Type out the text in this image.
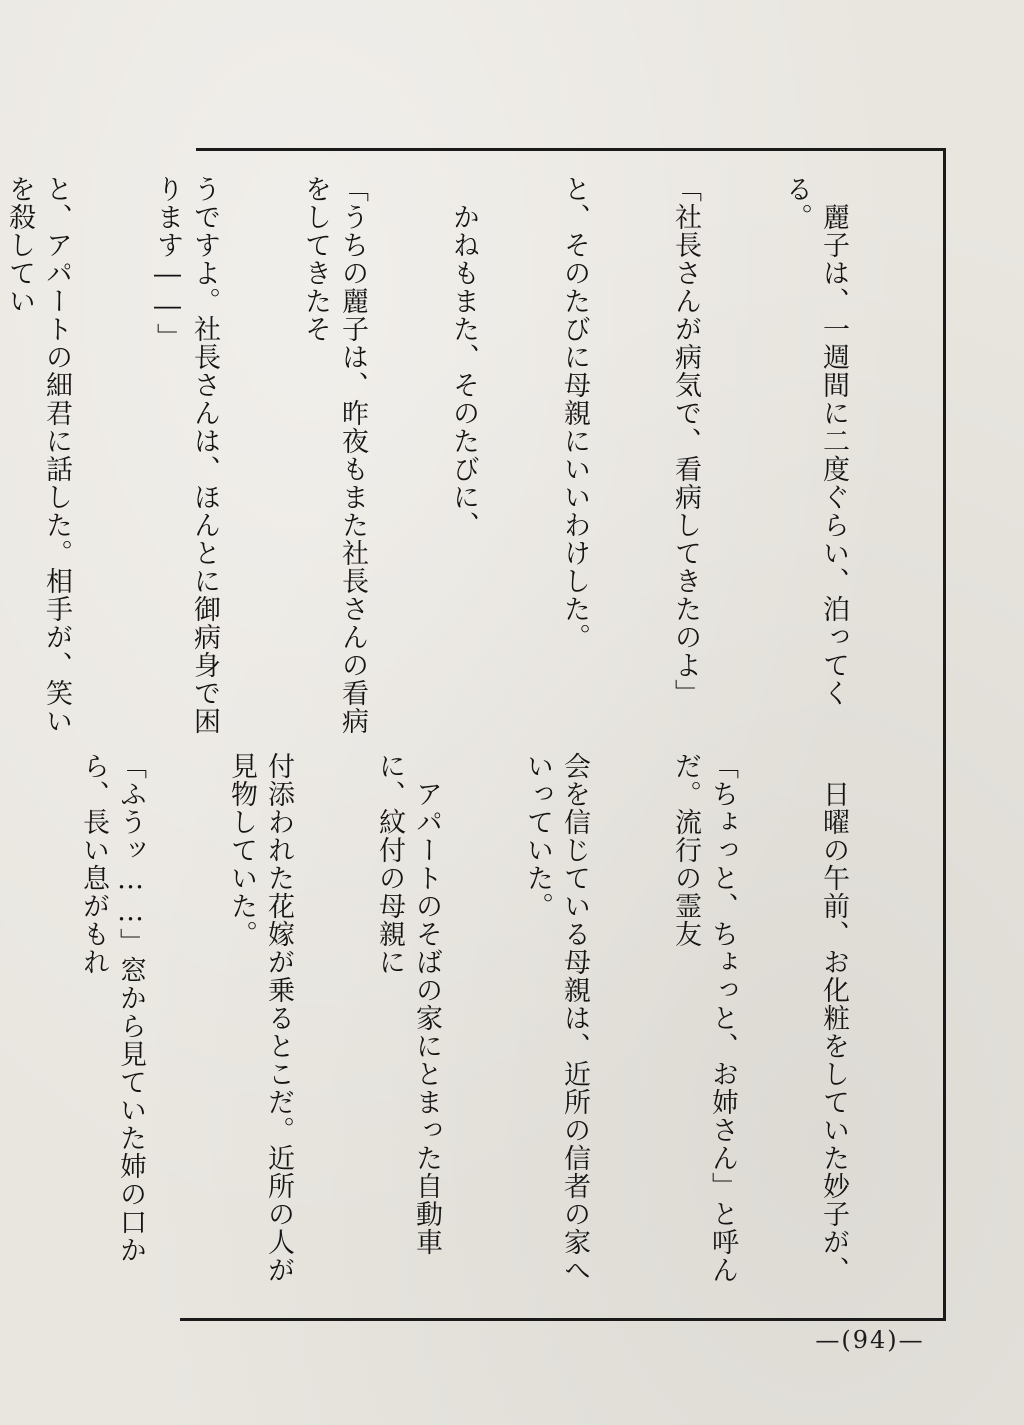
　麗子は、一週間に二度ぐらい、泊ってくる。

「社長さんが病気で、看病してきたのよ」

と、そのたびに母親にいいわけした。

　かねもまた、そのたびに、

「うちの麗子は、昨夜もまた社長さんの看病をしてきたそ

うですよ。社長さんは、ほんとに御病身で困ります――」

と、アパートの細君に話した。相手が、笑いを殺してい

　日曜の午前、お化粧をしていた妙子が、

「ちょっと、ちょっと、お姉さん」と呼んだ。流行の霊友

会を信じている母親は、近所の信者の家へいっていた。

　アパートのそばの家にとまった自動車に、紋付の母親に

付添われた花嫁が乗るとこだ。近所の人が見物していた。

「ふうッ……」窓から見ていた姉の口から、長い息がもれ

—(94)—
